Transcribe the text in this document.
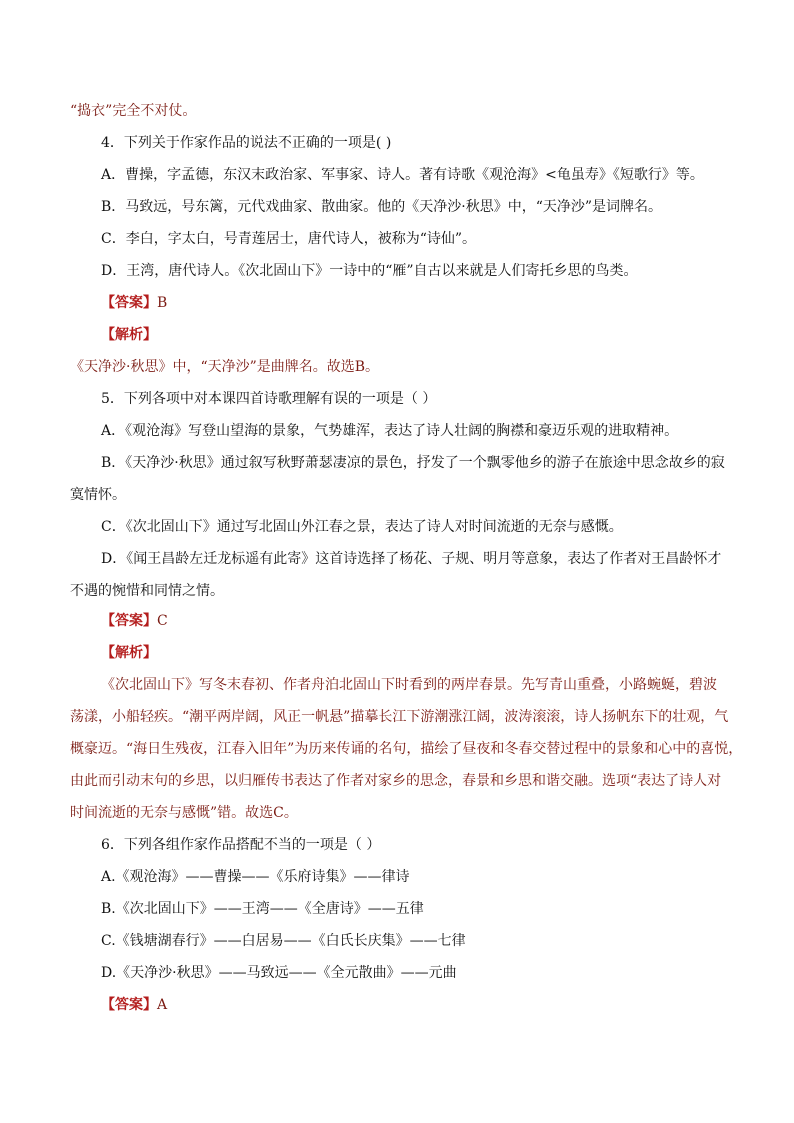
“捣衣”完全不对仗。
4．下列关于作家作品的说法不正确的一项是( )
A．曹操，字孟德，东汉末政治家、军事家、诗人。著有诗歌《观沧海》<龟虽寿》《短歌行》等。
B．马致远，号东篱，元代戏曲家、散曲家。他的《天净沙·秋思》中，“天净沙”是词牌名。
C．李白，字太白，号青莲居士，唐代诗人，被称为“诗仙”。
D．王湾，唐代诗人。《次北固山下》一诗中的“雁”自古以来就是人们寄托乡思的鸟类。
【答案】B
【解析】
《天净沙·秋思》中，“天净沙”是曲牌名。故选B。
5．下列各项中对本课四首诗歌理解有误的一项是（ ）
A．《观沧海》写登山望海的景象，气势雄浑，表达了诗人壮阔的胸襟和豪迈乐观的进取精神。
B．《天净沙·秋思》通过叙写秋野萧瑟凄凉的景色，抒发了一个飘零他乡的游子在旅途中思念故乡的寂
寞情怀。
C．《次北固山下》通过写北固山外江春之景，表达了诗人对时间流逝的无奈与感慨。
D．《闻王昌龄左迁龙标遥有此寄》这首诗选择了杨花、子规、明月等意象，表达了作者对王昌龄怀才
不遇的惋惜和同情之情。
【答案】C
【解析】
《次北固山下》写冬末春初、作者舟泊北固山下时看到的两岸春景。先写青山重叠，小路蜿蜒，碧波
荡漾，小船轻疾。“潮平两岸阔，风正一帆悬”描摹长江下游潮涨江阔，波涛滚滚，诗人扬帆东下的壮观，气
概豪迈。“海日生残夜，江春入旧年”为历来传诵的名句，描绘了昼夜和冬春交替过程中的景象和心中的喜悦，
由此而引动末句的乡思，以归雁传书表达了作者对家乡的思念，春景和乡思和谐交融。选项“表达了诗人对
时间流逝的无奈与感慨”错。故选C。
6．下列各组作家作品搭配不当的一项是（ ）
A.《观沧海》——曹操——《乐府诗集》——律诗
B.《次北固山下》——王湾——《全唐诗》——五律
C.《钱塘湖春行》——白居易——《白氏长庆集》——七律
D.《天净沙·秋思》——马致远——《全元散曲》——元曲
【答案】A
